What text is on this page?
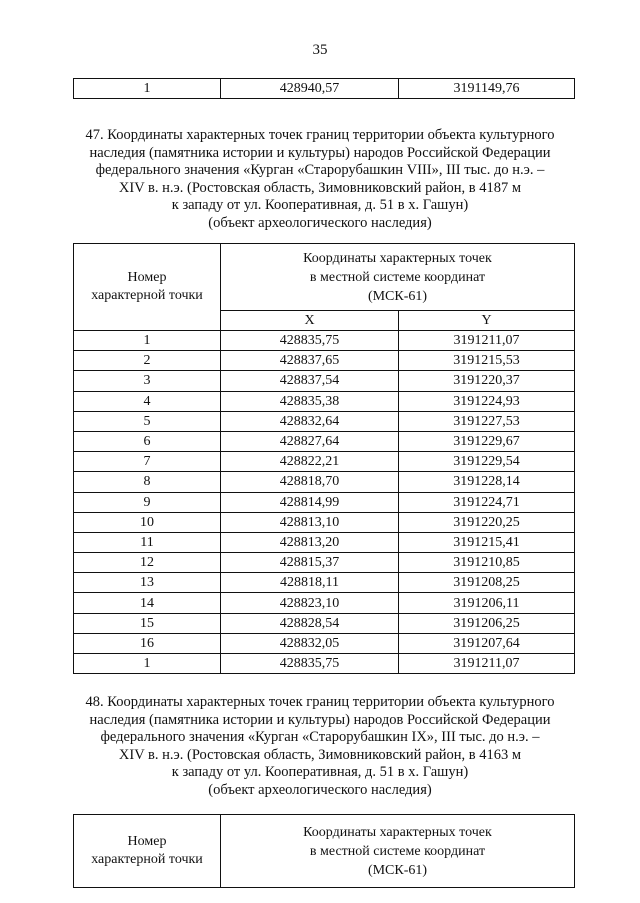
35
1	428940,57	3191149,76
47. Координаты характерных точек границ территории объекта культурного
наследия (памятника истории и культуры) народов Российской Федерации
федерального значения «Курган «Старорубашкин VIII», III тыс. до н.э. –
XIV в. н.э. (Ростовская область, Зимовниковский район, в 4187 м
к западу от ул. Кооперативная, д. 51 в х. Гашун)
(объект археологического наследия)
Номер
характерной точки	Координаты характерных точек
в местной системе координат
(МСК-61)	

	X	Y
1	428835,75	3191211,07
2	428837,65	3191215,53
3	428837,54	3191220,37
4	428835,38	3191224,93
5	428832,64	3191227,53
6	428827,64	3191229,67
7	428822,21	3191229,54
8	428818,70	3191228,14
9	428814,99	3191224,71
10	428813,10	3191220,25
11	428813,20	3191215,41
12	428815,37	3191210,85
13	428818,11	3191208,25
14	428823,10	3191206,11
15	428828,54	3191206,25
16	428832,05	3191207,64
1	428835,75	3191211,07
48. Координаты характерных точек границ территории объекта культурного
наследия (памятника истории и культуры) народов Российской Федерации
федерального значения «Курган «Старорубашкин IX», III тыс. до н.э. –
XIV в. н.э. (Ростовская область, Зимовниковский район, в 4163 м
к западу от ул. Кооперативная, д. 51 в х. Гашун)
(объект археологического наследия)
Номер
характерной точки

Координаты характерных точек
в местной системе координат
(МСК-61)
